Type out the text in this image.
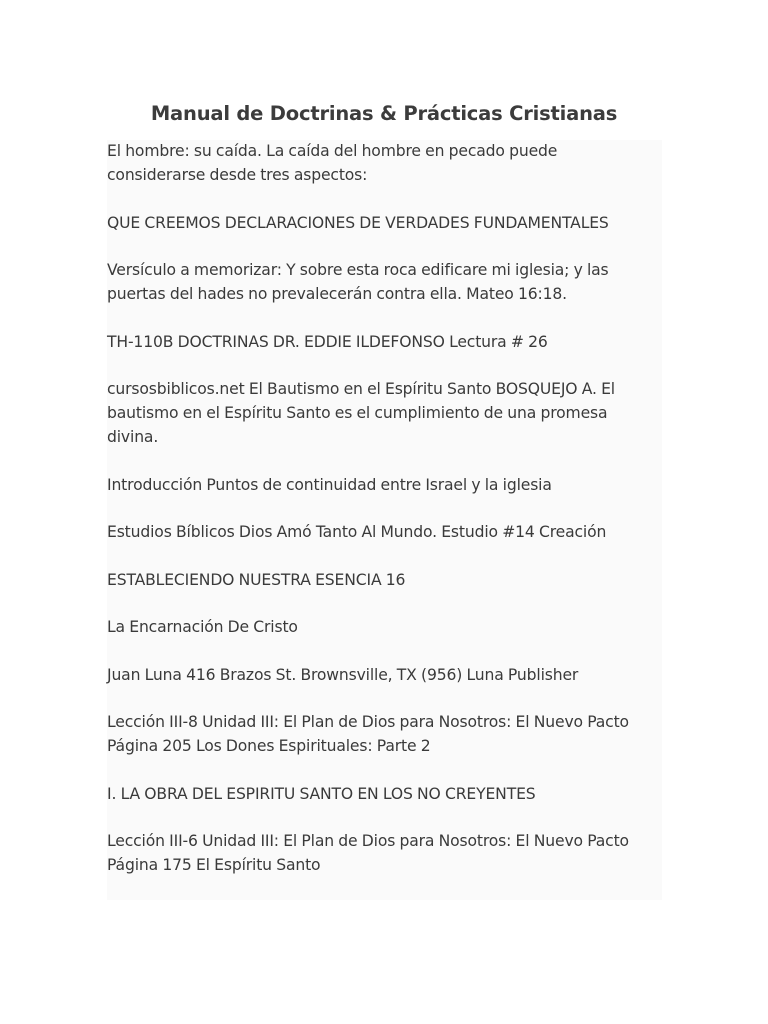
Manual de Doctrinas & Prácticas Cristianas
El hombre: su caída. La caída del hombre en pecado puede
considerarse desde tres aspectos:
QUE CREEMOS DECLARACIONES DE VERDADES FUNDAMENTALES
Versículo a memorizar: Y sobre esta roca edificare mi iglesia; y las
puertas del hades no prevalecerán contra ella. Mateo 16:18.
TH-110B DOCTRINAS DR. EDDIE ILDEFONSO Lectura # 26
cursosbiblicos.net El Bautismo en el Espíritu Santo BOSQUEJO A. El
bautismo en el Espíritu Santo es el cumplimiento de una promesa
divina.
Introducción Puntos de continuidad entre Israel y la iglesia
Estudios Bíblicos Dios Amó Tanto Al Mundo. Estudio #14 Creación
ESTABLECIENDO NUESTRA ESENCIA 16
La Encarnación De Cristo
Juan Luna 416 Brazos St. Brownsville, TX (956) Luna Publisher
Lección III-8 Unidad III: El Plan de Dios para Nosotros: El Nuevo Pacto
Página 205 Los Dones Espirituales: Parte 2
I. LA OBRA DEL ESPIRITU SANTO EN LOS NO CREYENTES
Lección III-6 Unidad III: El Plan de Dios para Nosotros: El Nuevo Pacto
Página 175 El Espíritu Santo
